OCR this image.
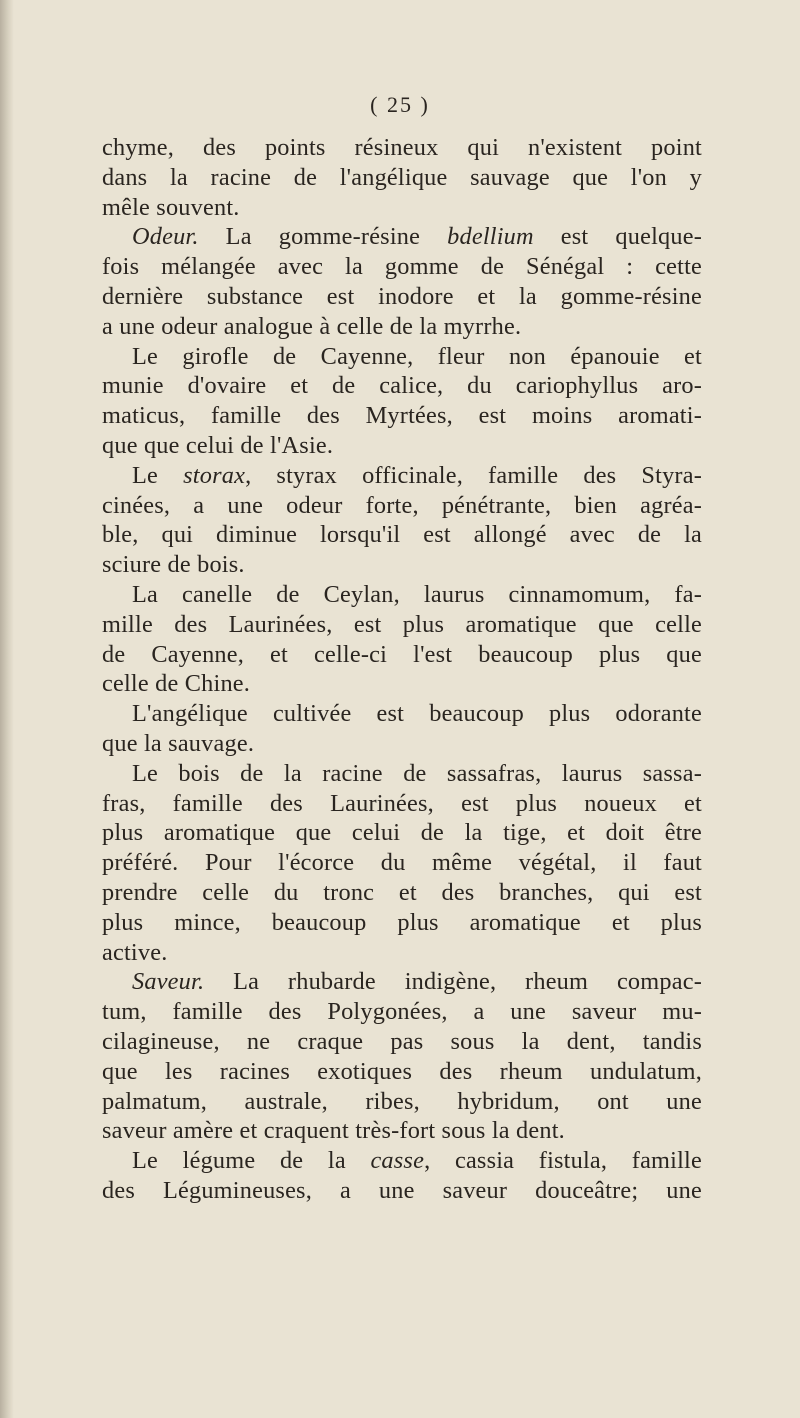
( 25 )
chyme, des points résineux qui n'existent point
dans la racine de l'angélique sauvage que l'on y
mêle souvent.
Odeur. La gomme-résine bdellium est quelque-
fois mélangée avec la gomme de Sénégal : cette
dernière substance est inodore et la gomme-résine
a une odeur analogue à celle de la myrrhe.
Le girofle de Cayenne, fleur non épanouie et
munie d'ovaire et de calice, du cariophyllus aro-
maticus, famille des Myrtées, est moins aromati-
que que celui de l'Asie.
Le storax, styrax officinale, famille des Styra-
cinées, a une odeur forte, pénétrante, bien agréa-
ble, qui diminue lorsqu'il est allongé avec de la
sciure de bois.
La canelle de Ceylan, laurus cinnamomum, fa-
mille des Laurinées, est plus aromatique que celle
de Cayenne, et celle-ci l'est beaucoup plus que
celle de Chine.
L'angélique cultivée est beaucoup plus odorante
que la sauvage.
Le bois de la racine de sassafras, laurus sassa-
fras, famille des Laurinées, est plus noueux et
plus aromatique que celui de la tige, et doit être
préféré. Pour l'écorce du même végétal, il faut
prendre celle du tronc et des branches, qui est
plus mince, beaucoup plus aromatique et plus
active.
Saveur. La rhubarde indigène, rheum compac-
tum, famille des Polygonées, a une saveur mu-
cilagineuse, ne craque pas sous la dent, tandis
que les racines exotiques des rheum undulatum,
palmatum, australe, ribes, hybridum, ont une
saveur amère et craquent très-fort sous la dent.
Le légume de la casse, cassia fistula, famille
des Légumineuses, a une saveur douceâtre; une
